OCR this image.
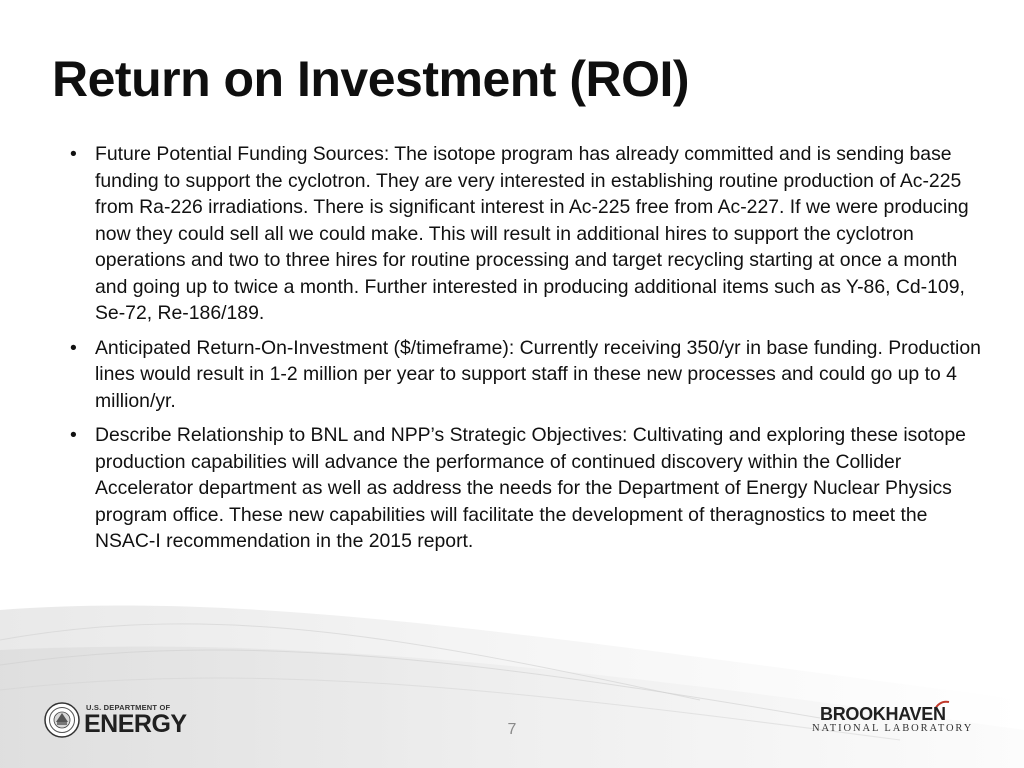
Return on Investment (ROI)
• Future Potential Funding Sources: The isotope program has already committed and is sending base funding to support the cyclotron. They are very interested in establishing routine production of Ac-225 from Ra-226 irradiations. There is significant interest in Ac-225 free from Ac-227. If we were producing now they could sell all we could make. This will result in additional hires to support the cyclotron operations and two to three hires for routine processing and target recycling starting at once a month and going up to twice a month. Further interested in producing additional items such as Y-86, Cd-109, Se-72, Re-186/189.
• Anticipated Return-On-Investment ($/timeframe): Currently receiving 350/yr in base funding. Production lines would result in 1-2 million per year to support staff in these new processes and could go up to 4 million/yr.
• Describe Relationship to BNL and NPP’s Strategic Objectives: Cultivating and exploring these isotope production capabilities will advance the performance of continued discovery within the Collider Accelerator department as well as address the needs for the Department of Energy Nuclear Physics program office. These new capabilities will facilitate the development of theragnostics to meet the NSAC-I recommendation in the 2015 report.
U.S. DEPARTMENT OF
ENERGY	7
BROOKHAVEN
NATIONAL LABORATORY
